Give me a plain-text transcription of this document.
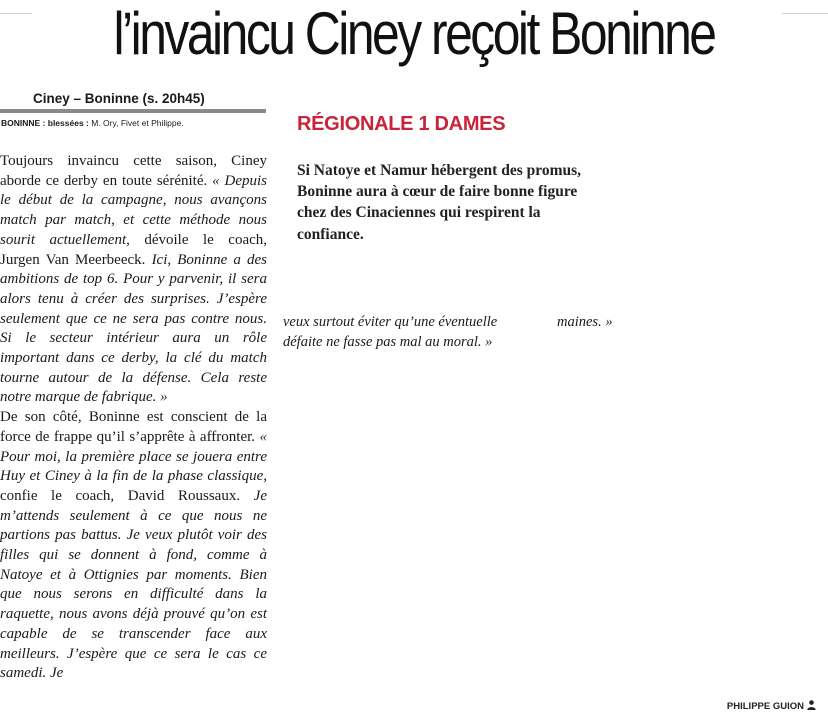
l’invaincu Ciney reçoit Boninne
Ciney – Boninne (s. 20h45)
BONINNE : blessées : M. Ory, Fivet et Philippe.

Toujours invaincu cette saison, Ciney aborde ce derby en toute sérénité. « Depuis le début de la campagne, nous avançons match par match, et cette méthode nous sourit actuellement, dévoile le coach, Jurgen Van Meerbeeck. Ici, Boninne a des ambitions de top 6. Pour y parvenir, il sera alors tenu à créer des surprises. J’espère seulement que ce ne sera pas contre nous. Si le secteur intérieur aura un rôle important dans ce derby, la clé du match tourne autour de la défense. Cela reste notre marque de fabrique. »

De son côté, Boninne est conscient de la force de frappe qu’il s’apprête à affronter. « Pour moi, la première place se jouera entre Huy et Ciney à la fin de la phase classique, confie le coach, David Roussaux. Je m’attends seulement à ce que nous ne partions pas battus. Je veux plutôt voir des filles qui se donnent à fond, comme à Natoye et à Ottignies par moments. Bien que nous serons en difficulté dans la raquette, nous avons déjà prouvé qu’on est capable de se transcender face aux meilleurs. J’espère que ce sera le cas ce samedi. Je

RÉGIONALE 1 DAMES
Si Natoye et Namur hébergent des promus, Boninne aura à cœur de faire bonne figure chez des Cinaciennes qui respirent la confiance.
veux surtout éviter qu’une éventuelle
défaite ne fasse pas mal au moral. »
maines. »
PHILIPPE GUION
